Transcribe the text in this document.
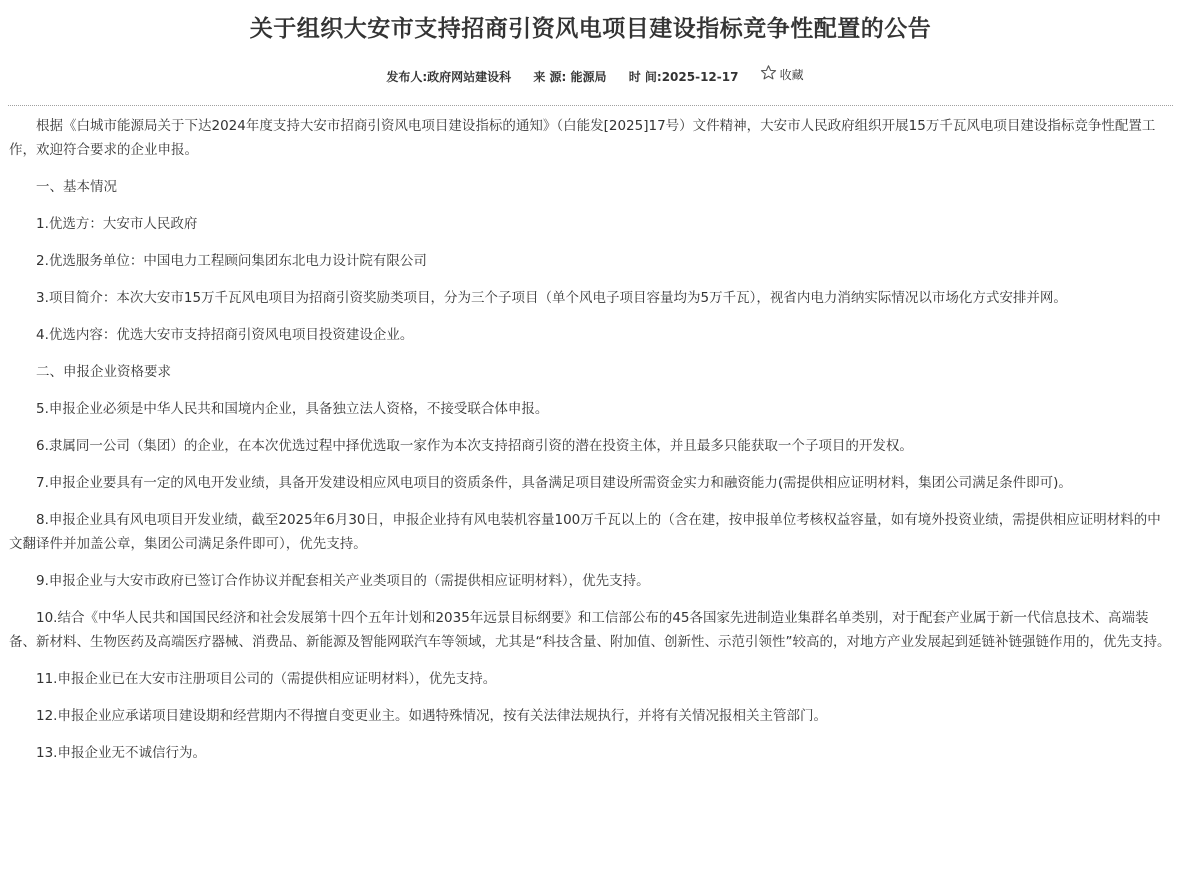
关于组织大安市支持招商引资风电项目建设指标竞争性配置的公告
发布人:政府网站建设科 来 源: 能源局 时 间:2025-12-17	收藏

根据《白城市能源局关于下达2024年度支持大安市招商引资风电项目建设指标的通知》（白能发[2025]17号）文件精神，大安市人民政府组织开展15万千瓦风电项目建设指标竞争性配置工作，欢迎符合要求的企业申报。

一、基本情况

1.优选方：大安市人民政府

2.优选服务单位：中国电力工程顾问集团东北电力设计院有限公司

3.项目简介：本次大安市15万千瓦风电项目为招商引资奖励类项目，分为三个子项目（单个风电子项目容量均为5万千瓦），视省内电力消纳实际情况以市场化方式安排并网。

4.优选内容：优选大安市支持招商引资风电项目投资建设企业。

二、申报企业资格要求

5.申报企业必须是中华人民共和国境内企业，具备独立法人资格，不接受联合体申报。

6.隶属同一公司（集团）的企业，在本次优选过程中择优选取一家作为本次支持招商引资的潜在投资主体，并且最多只能获取一个子项目的开发权。

7.申报企业要具有一定的风电开发业绩，具备开发建设相应风电项目的资质条件，具备满足项目建设所需资金实力和融资能力(需提供相应证明材料，集团公司满足条件即可)。

8.申报企业具有风电项目开发业绩，截至2025年6月30日，申报企业持有风电装机容量100万千瓦以上的（含在建，按申报单位考核权益容量，如有境外投资业绩，需提供相应证明材料的中文翻译件并加盖公章，集团公司满足条件即可），优先支持。

9.申报企业与大安市政府已签订合作协议并配套相关产业类项目的（需提供相应证明材料），优先支持。

10.结合《中华人民共和国国民经济和社会发展第十四个五年计划和2035年远景目标纲要》和工信部公布的45各国家先进制造业集群名单类别，对于配套产业属于新一代信息技术、高端装备、新材料、生物医药及高端医疗器械、消费品、新能源及智能网联汽车等领域，尤其是“科技含量、附加值、创新性、示范引领性”较高的，对地方产业发展起到延链补链强链作用的，优先支持。

11.申报企业已在大安市注册项目公司的（需提供相应证明材料），优先支持。

12.申报企业应承诺项目建设期和经营期内不得擅自变更业主。如遇特殊情况，按有关法律法规执行，并将有关情况报相关主管部门。

13.申报企业无不诚信行为。
